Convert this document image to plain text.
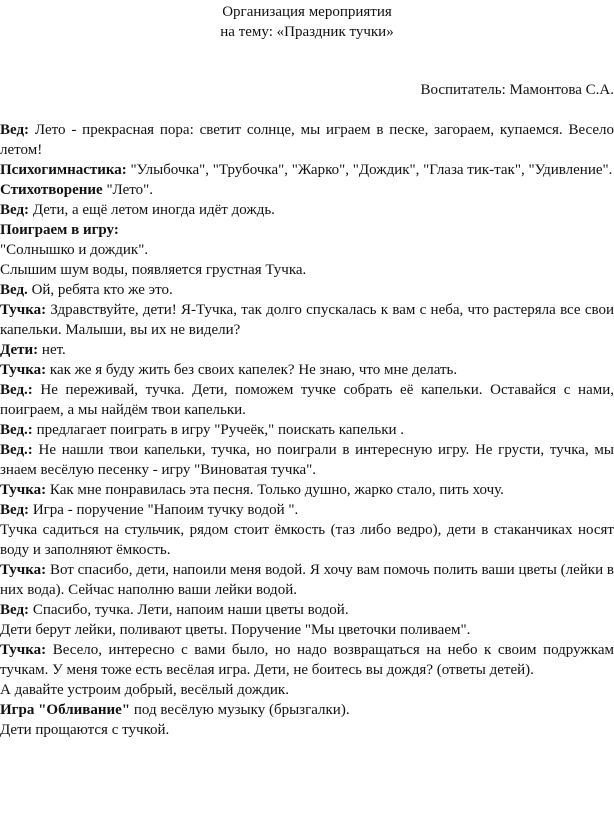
Организация мероприятия
на тему: «Праздник тучки»
Воспитатель: Мамонтова С.А.

Вед: Лето - прекрасная пора: светит солнце, мы играем в песке, загораем, купаемся. Весело летом!

Психогимнастика: "Улыбочка", "Трубочка", "Жарко", "Дождик", "Глаза тик-так", "Удивление".

Стихотворение "Лето".

Вед: Дети, а ещё летом иногда идёт дождь.

Поиграем в игру:

"Солнышко и дождик".

Слышим шум воды, появляется грустная Тучка.

Вед. Ой, ребята кто же это.

Тучка: Здравствуйте, дети! Я-Тучка, так долго спускалась к вам с неба, что растеряла все свои капельки. Малыши, вы их не видели?

Дети: нет.

Тучка: как же я буду жить без своих капелек? Не знаю, что мне делать.

Вед.: Не переживай, тучка. Дети, поможем тучке собрать её капельки. Оставайся с нами, поиграем, а мы найдём твои капельки.

Вед.: предлагает поиграть в игру "Ручеёк," поискать капельки .

Вед.: Не нашли твои капельки, тучка, но поиграли в интересную игру. Не грусти, тучка, мы знаем весёлую песенку - игру "Виноватая тучка".

Тучка: Как мне понравилась эта песня. Только душно, жарко стало, пить хочу.

Вед: Игра - поручение "Напоим тучку водой ".

Тучка садиться на стульчик, рядом стоит ёмкость (таз либо ведро), дети в стаканчиках носят воду и заполняют ёмкость.

Тучка: Вот спасибо, дети, напоили меня водой. Я хочу вам помочь полить ваши цветы (лейки в них вода). Сейчас наполню ваши лейки водой.

Вед: Спасибо, тучка. Лети, напоим наши цветы водой.

Дети берут лейки, поливают цветы. Поручение "Мы цветочки поливаем".

Тучка: Весело, интересно с вами было, но надо возвращаться на небо к своим подружкам тучкам. У меня тоже есть весёлая игра. Дети, не боитесь вы дождя? (ответы детей).

А давайте устроим добрый, весёлый дождик.

Игра "Обливание" под весёлую музыку (брызгалки).

Дети прощаются с тучкой.
